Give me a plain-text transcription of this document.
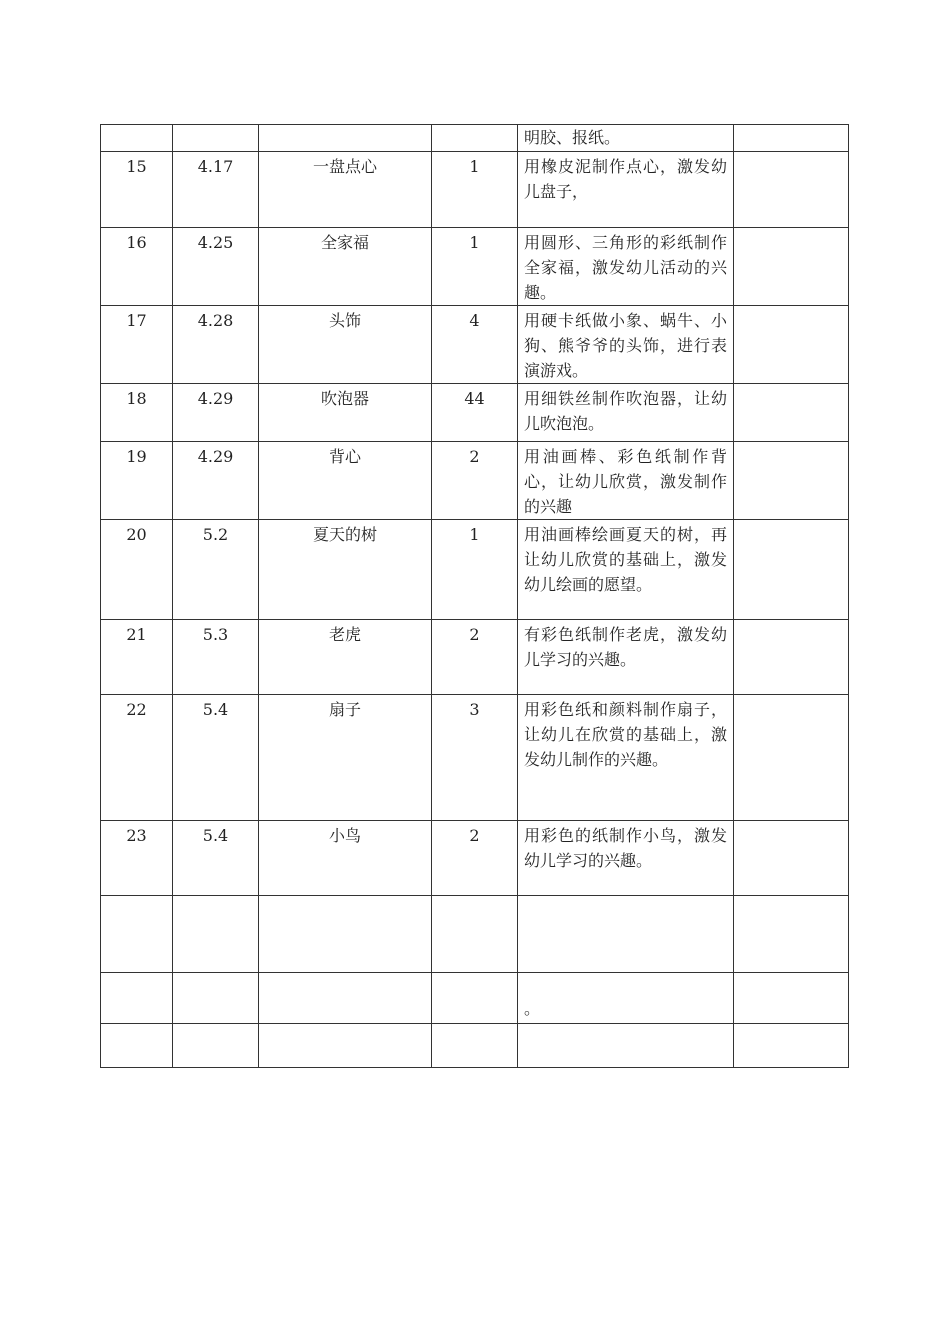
				明胶、报纸。	
15	4.17	一盘点心	1	用橡皮泥制作点心，激发幼儿盘子，	
16	4.25	全家福	1	用圆形、三角形的彩纸制作全家福，激发幼儿活动的兴趣。	
17	4.28	头饰	4	用硬卡纸做小象、蜗牛、小狗、熊爷爷的头饰，进行表演游戏。	
18	4.29	吹泡器	44	用细铁丝制作吹泡器，让幼儿吹泡泡。	
19	4.29	背心	2	用油画棒、彩色纸制作背心，让幼儿欣赏，激发制作的兴趣	
20	5.2	夏天的树	1	用油画棒绘画夏天的树，再让幼儿欣赏的基础上，激发幼儿绘画的愿望。	
21	5.3	老虎	2	有彩色纸制作老虎，激发幼儿学习的兴趣。	
22	5.4	扇子	3	用彩色纸和颜料制作扇子，让幼儿在欣赏的基础上，激发幼儿制作的兴趣。	
23	5.4	小鸟	2	用彩色的纸制作小鸟，激发幼儿学习的兴趣。	

				。	
